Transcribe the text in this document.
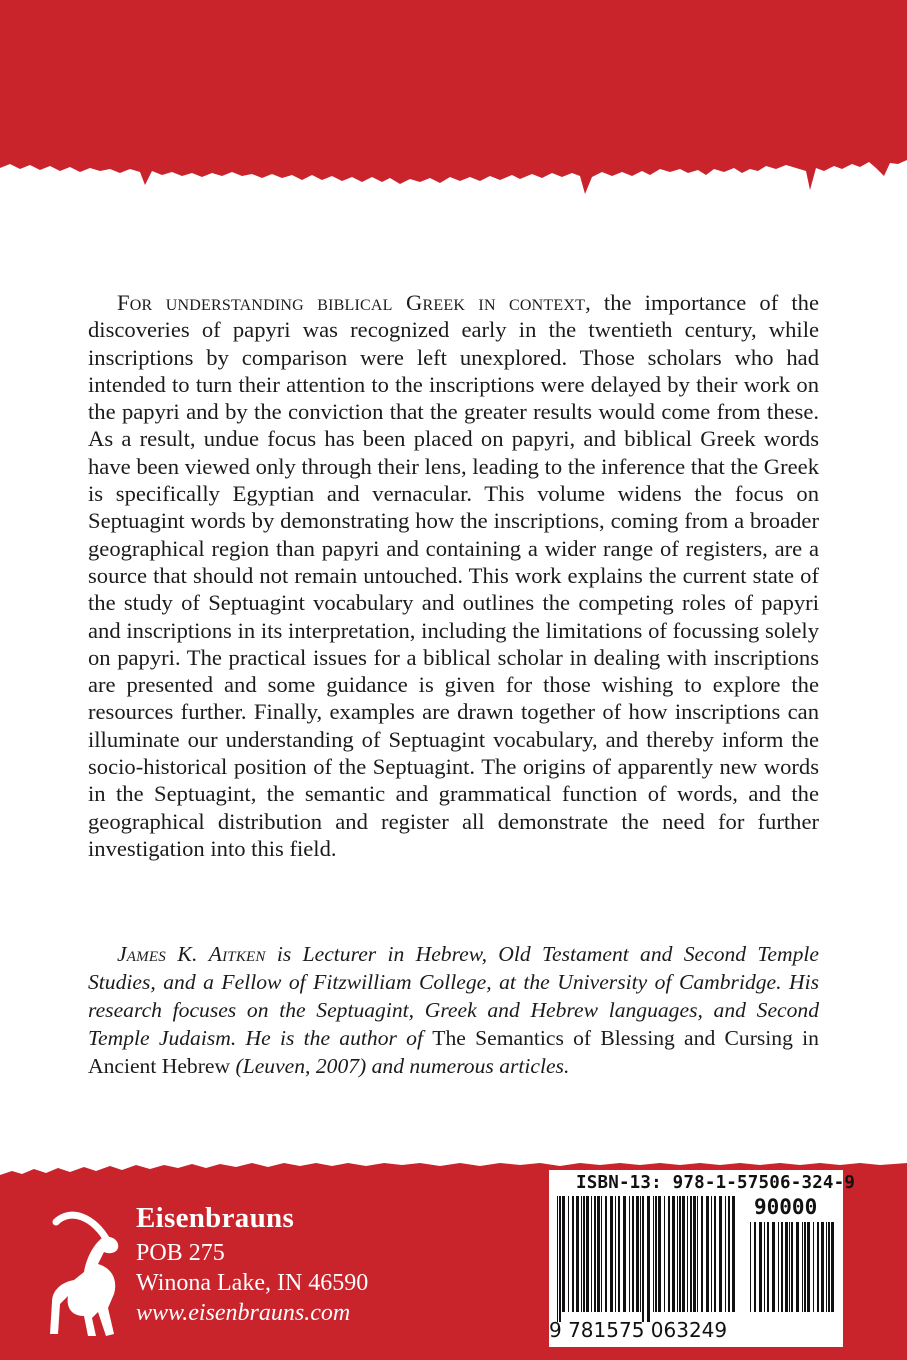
For understanding biblical Greek in context, the importance of the discoveries of papyri was recognized early in the twentieth century, while inscriptions by comparison were left unexplored. Those scholars who had intended to turn their attention to the inscriptions were delayed by their work on the papyri and by the conviction that the greater results would come from these. As a result, undue focus has been placed on papyri, and biblical Greek words have been viewed only through their lens, leading to the inference that the Greek is specifically Egyptian and vernacular. This volume widens the focus on Septuagint words by demonstrating how the inscriptions, coming from a broader geographical region than papyri and containing a wider range of registers, are a source that should not remain untouched. This work explains the current state of the study of Septuagint vocabulary and outlines the competing roles of papyri and inscriptions in its interpretation, including the limitations of focussing solely on papyri. The practical issues for a biblical scholar in dealing with inscriptions are presented and some guidance is given for those wishing to explore the resources further. Finally, examples are drawn together of how inscriptions can illuminate our understanding of Septuagint vocabulary, and thereby inform the socio-historical position of the Septuagint. The origins of apparently new words in the Septuagint, the semantic and grammatical function of words, and the geographical distribution and register all demonstrate the need for further investigation into this field.

James K. Aitken is Lecturer in Hebrew, Old Testament and Second Temple Studies, and a Fellow of Fitzwilliam College, at the University of Cambridge. His research focuses on the Septuagint, Greek and Hebrew languages, and Second Temple Judaism. He is the author of The Semantics of Blessing and Cursing in Ancient Hebrew (Leuven, 2007) and numerous articles.

Eisenbrauns
POB 275
Winona Lake, IN 46590
www.eisenbrauns.com
ISBN-13: 978-1-57506-324-9
90000
9 781575 063249
